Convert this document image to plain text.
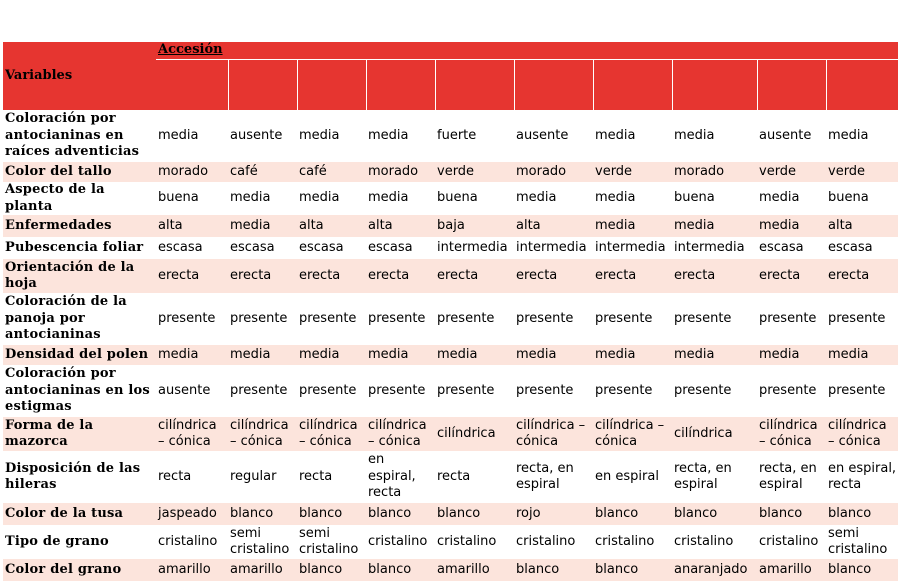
Variables	Accesión									

Coloración por antocianinas en raíces adventicias	media	ausente	media	media	fuerte	ausente	media	media	ausente	media
Color del tallo	morado	café	café	morado	verde	morado	verde	morado	verde	verde
Aspecto de la planta	buena	media	media	media	buena	media	media	buena	media	buena
Enfermedades	alta	media	alta	alta	baja	alta	media	media	media	alta
Pubescencia foliar	escasa	escasa	escasa	escasa	intermedia	intermedia	intermedia	intermedia	escasa	escasa
Orientación de la hoja	erecta	erecta	erecta	erecta	erecta	erecta	erecta	erecta	erecta	erecta
Coloración de la panoja por antocianinas	presente	presente	presente	presente	presente	presente	presente	presente	presente	presente
Densidad del polen	media	media	media	media	media	media	media	media	media	media
Coloración por antocianinas en los estigmas	ausente	presente	presente	presente	presente	presente	presente	presente	presente	presente
Forma de la mazorca	cilíndrica – cónica	cilíndrica – cónica	cilíndrica – cónica	cilíndrica – cónica	cilíndrica	cilíndrica – cónica	cilíndrica – cónica	cilíndrica	cilíndrica – cónica	cilíndrica – cónica
Disposición de las hileras	recta	regular	recta	en espiral, recta	recta	recta, en espiral	en espiral	recta, en espiral	recta, en espiral	en espiral, recta
Color de la tusa	jaspeado	blanco	blanco	blanco	blanco	rojo	blanco	blanco	blanco	blanco
Tipo de grano	cristalino	semi cristalino	semi cristalino	cristalino	cristalino	cristalino	cristalino	cristalino	cristalino	semi cristalino
Color del grano	amarillo	amarillo	blanco	blanco	amarillo	blanco	blanco	anaranjado	amarillo	blanco
